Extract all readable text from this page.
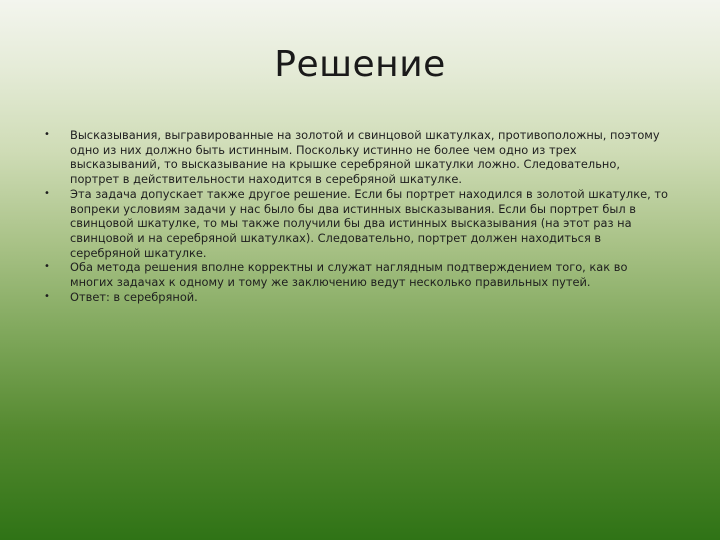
Решение
• Высказывания, выгравированные на золотой и свинцовой шкатулках, противоположны, поэтому одно из них должно быть истинным. Поскольку истинно не более чем одно из трех высказываний, то высказывание на крышке серебряной шкатулки ложно. Следовательно, портрет в действительности находится в серебряной шкатулке.
• Эта задача допускает также другое решение. Если бы портрет находился в золотой шкатулке, то вопреки условиям задачи у нас было бы два истинных высказывания. Если бы портрет был в свинцовой шкатулке, то мы также получили бы два истинных высказывания (на этот раз на свинцовой и на серебряной шкатулках). Следовательно, портрет должен находиться в серебряной шкатулке.
• Оба метода решения вполне корректны и служат наглядным подтверждением того, как во многих задачах к одному и тому же заключению ведут несколько правильных путей.
• Ответ: в серебряной.
